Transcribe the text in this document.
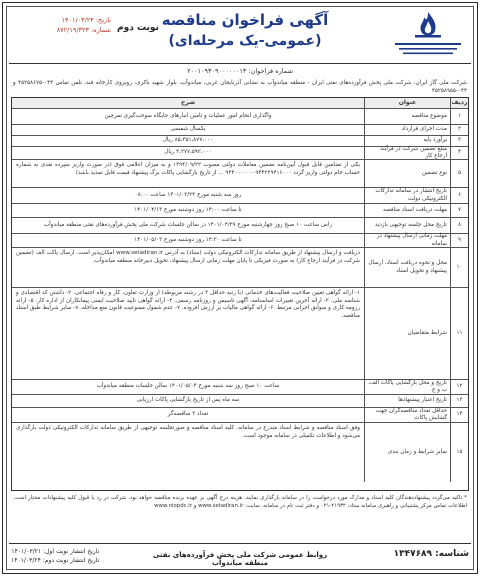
تاریخ: ۱۴۰۱/۰۳/۲۴
شماره: ۸۷۲/۱۹/۳۲۳ نوبت دوم آگهی فراخوان مناقصه
(عمومی-یک مرحله‌ای)
شماره فراخوان: ۲۰۰۱۰۹۳۰۹۰۰۰۰۰۰۱۳
شرکت ملی گاز ایران، شرکت ملی پخش فرآورده‌های نفتی ایران - منطقه میاندوآب به نشانی آذربایجان غربی، میاندوآب، بلوار شهید باکری، روبروی کارخانه قند، تلفن تماس ۰۴۴-۴۵۲۵۸۶۷۵ و ۰۴۴-۴۵۲۵۸۹۵۵
ردیف
عنوان
شرح
۱
موضوع مناقصه
واگذاری انجام امور عملیات و تامین انبارهای جایگاه سوخت‌گیری تمرچین
۲
مدت اجرای قرارداد
یکسال شمسی
۳
برآورد پایه
۸۵،۳۵۱،۸۷۷،۰۰۰ ریال
۴
مبلغ تضمین شرکت در فرآیند ارجاع کار
۴،۲۷۷،۵۹۲،۰۰۰ ریال
۵
نوع تضمین
یکی از تضامین قابل قبول آیین‌نامه تضمین معاملات دولتی مصوب ۱۳۹۴/۰۹/۲۲ و به میزان اعلامی فوق (در صورت واریز سپرده نقدی به شماره حساب جام دولتی واریز گردد ۹۴۴۰۰۰۰۰۰۰۹۴۴۲۲۹۴۱۶۰۰۰ ... از تاریخ بازگشایی پاکات برگ پیشنهاد قیمت قابل تمدید باشد)
۶
تاریخ انتشار در سامانه تدارکات الکترونیکی دولت
روز سه شنبه مورخ ۱۴۰۱/۰۳/۲۴ ساعت ۰۸:۰۰
۷
مهلت دریافت اسناد مناقصه
تا ساعت ۱۴:۰۰ روز دوشنبه مورخ ۱۴۰۱/۰۴/۱۳
۸
تاریخ محل جلسه توجیهی بازدید
راس ساعت ۱۰ صبح روز چهارشنبه مورخ ۱۴۰۱/۰۴/۲۹ در سالن جلسات شرکت ملی پخش فرآورده‌های نفتی منطقه میاندوآب
۹
مهلت زمانی ارسال پیشنهاد در سامانه
تا ساعت ۱۴:۳۰ روز دوشنبه مورخ ۱۴۰۱/۰۵/۰۳
۱۰
محل و نحوه دریافت اسناد، ارسال پیشنهاد و تحویل اسناد
دریافت و ارسال پیشنهاد از طریق سامانه تدارکات الکترونیکی دولت (ستاد) به آدرس www.setadiran.ir امکان‌پذیر است. ارسال پاکت الف (تضمین شرکت در فرآیند ارجاع کار) به صورت فیزیکی تا پایان مهلت زمانی ارسال پیشنهاد، تحویل دبیرخانه منطقه میاندوآب.
۱۱
شرایط متقاضیان
۱- ارائه گواهی تعیین صلاحیت فعالیت‌های خدماتی (با رتبه حداقل ۳ در رشته مربوطه) از وزارت تعاون، کار و رفاه اجتماعی. ۲- داشتن کد اقتصادی و شناسه ملی. ۳- ارائه آخرین تغییرات اساسنامه، آگهی تاسیس و روزنامه رسمی. ۴- ارائه گواهی تایید صلاحیت ایمنی پیمانکاران از اداره کار. ۵- ارائه رزومه کاری و سوابق اجرایی مرتبط. ۶- ارائه گواهی مالیات بر ارزش افزوده. ۷- عدم شمول ممنوعیت قانون منع مداخله. ۸- سایر شرایط طبق اسناد مناقصه.
۱۲
تاریخ و محل بازگشایی پاکات الف، ب و ج
ساعت ۱۰ صبح روز سه شنبه مورخ ۱۴۰۱/۰۵/۰۴ سالن جلسات منطقه میاندوآب
۱۳
تاریخ اعتبار پیشنهادها
سه ماه پس از تاریخ بازگشایی پاکات ارزیابی
۱۴
حداقل تعداد مناقصه‌گران جهت گشایش پاکات
تعداد ۳ مناقصه‌گر
۱۵
سایر شرایط و زمان بندی
وفق اسناد مناقصه و شرایط اسناد مندرج در سامانه. کلیه اسناد مناقصه و صورتجلسه توجیهی از طریق سامانه تدارکات الکترونیکی دولت بارگذاری می‌شود و اطلاعات تکمیلی در سامانه موجود است.
* تاکید می‌گردد پیشنهاددهندگان کلیه اسناد و مدارک مورد درخواست را در سامانه بارگذاری نمایند. هزینه درج آگهی بر عهده برنده مناقصه خواهد بود. شرکت در رد یا قبول کلیه پیشنهادات مختار است. اطلاعات تماس مرکز پشتیبانی و راهبری سامانه ستاد: ۴۱۹۳۴-۰۲۱ و دفتر ثبت نام در سامانه. سایت: www.setadiran.ir و www.niopdc.ir
شناسه: ۱۳۴۷۶۸۹
روابط عمومی شرکت ملی پخش فرآورده‌های نفتی منطقه میاندوآب
تاریخ انتشار نوبت اول: ۱۴۰۱/۰۳/۲۱
تاریخ انتشار نوبت دوم: ۱۴۰۱/۰۳/۲۴
